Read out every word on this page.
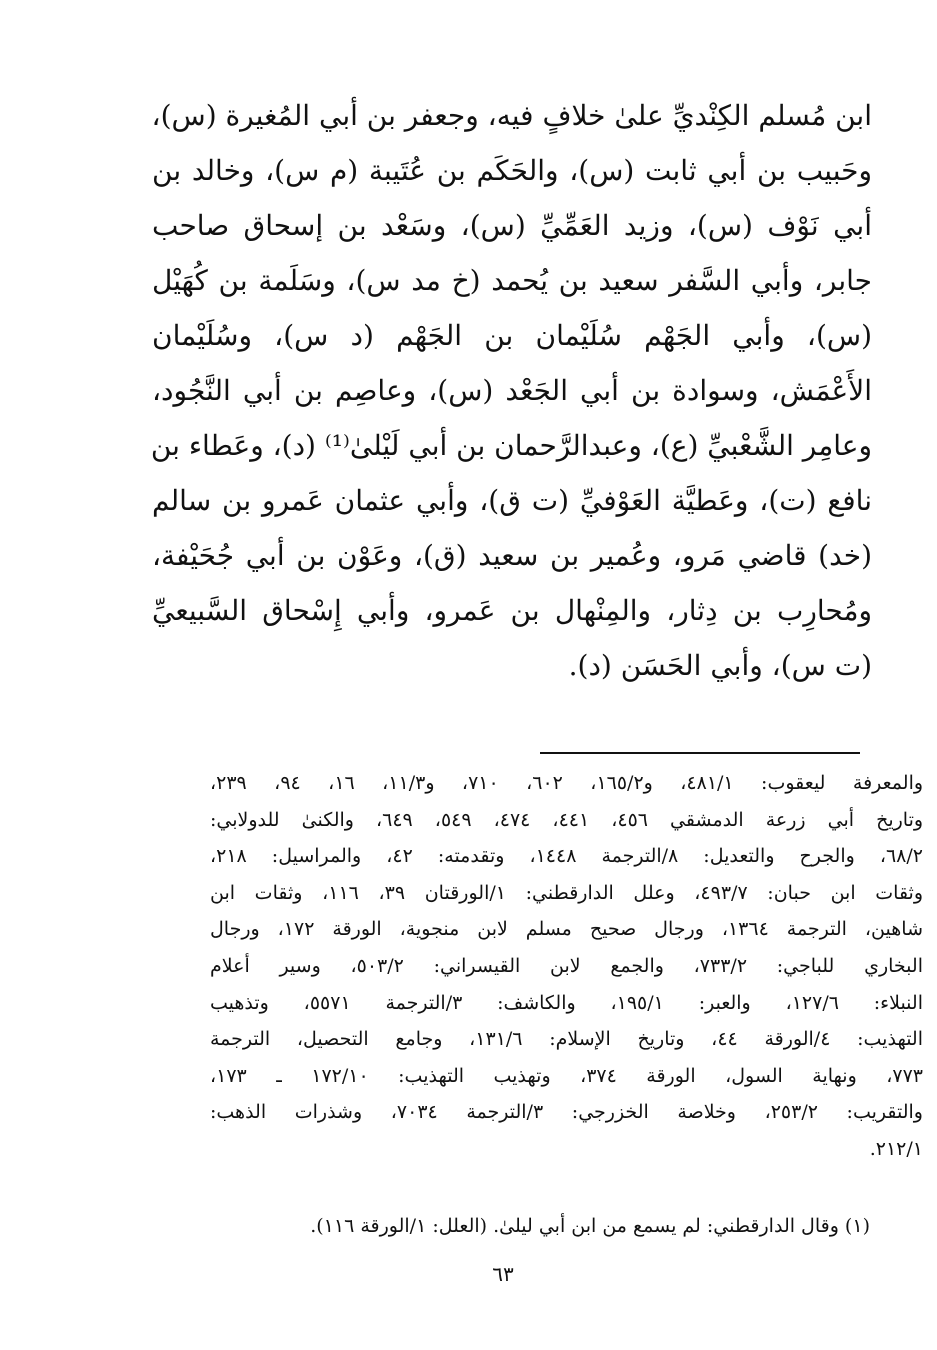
ابن مُسلم الكِنْديِّ علىٰ خلافٍ فيه، وجعفر بن أبي المُغيرة (س)،
وحَبيب بن أبي ثابت (س)، والحَكَم بن عُتَيبة (م س)، وخالد بن
أبي نَوْف (س)، وزيد العَمِّيِّ (س)، وسَعْد بن إسحاق صاحب
جابر، وأبي السَّفر سعيد بن يُحمد (خ مد س)، وسَلَمة بن كُهَيْل
(س)، وأبي الجَهْم سُلَيْمان بن الجَهْم (د س)، وسُلَيْمان
الأَعْمَش، وسوادة بن أبي الجَعْد (س)، وعاصِم بن أبي النَّجُود،
وعامِر الشَّعْبيِّ (ع)، وعبدالرَّحمان بن أبي لَيْلىٰ⁽¹⁾ (د)، وعَطاء بن
نافع (ت)، وعَطيَّة العَوْفيِّ (ت ق)، وأبي عثمان عَمرو بن سالم
(خد) قاضي مَرو، وعُمير بن سعيد (ق)، وعَوْن بن أبي جُحَيْفة،
ومُحارِب بن دِثار، والمِنْهال بن عَمرو، وأبي إِسْحاق السَّبيعيِّ
(ت س)، وأبي الحَسَن (د).
والمعرفة ليعقوب: ٤٨١/١، و١٦٥/٢، ٦٠٢، ٧١٠، و١١/٣، ١٦، ٩٤، ٢٣٩،
وتاريخ أبي زرعة الدمشقي ٤٥٦، ٤٤١، ٤٧٤، ٥٤٩، ٦٤٩، والكنىٰ للدولابي:
٦٨/٢، والجرح والتعديل: ٨/الترجمة ١٤٤٨، وتقدمته: ٤٢، والمراسيل: ٢١٨،
وثقات ابن حبان: ٤٩٣/٧، وعلل الدارقطني: ١/الورقتان ٣٩، ١١٦، وثقات ابن
شاهين، الترجمة ١٣٦٤، ورجال صحيح مسلم لابن منجوية، الورقة ١٧٢، ورجال
البخاري للباجي: ٧٣٣/٢، والجمع لابن القيسراني: ٥٠٣/٢، وسير أعلام
النبلاء: ١٢٧/٦، والعبر: ١٩٥/١، والكاشف: ٣/الترجمة ٥٥٧١، وتذهيب
التهذيب: ٤/الورقة ٤٤، وتاريخ الإسلام: ١٣١/٦، وجامع التحصيل، الترجمة
٧٧٣، ونهاية السول، الورقة ٣٧٤، وتهذيب التهذيب: ١٧٢/١٠ ـ ١٧٣،
والتقريب: ٢٥٣/٢، وخلاصة الخزرجي: ٣/الترجمة ٧٠٣٤، وشذرات الذهب:
٢١٢/١.
(١) وقال الدارقطني: لم يسمع من ابن أبي ليلىٰ. (العلل: ١/الورقة ١١٦).
٦٣
